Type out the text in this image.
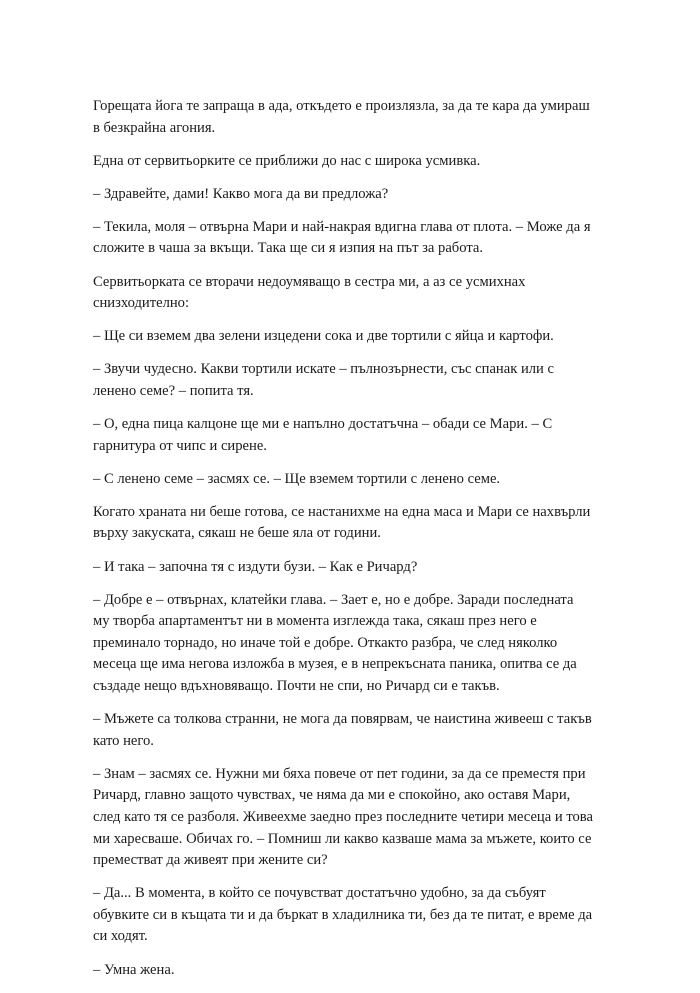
Горещата йога те запраща в ада, откъдето е произлязла, за да те кара да умираш в безкрайна агония.

Една от сервитьорките се приближи до нас с широка усмивка.

– Здравейте, дами! Какво мога да ви предложа?

– Текила, моля – отвърна Мари и най-накрая вдигна глава от плота. – Може да я сложите в чаша за вкъщи. Така ще си я изпия на път за работа.

Сервитьорката се вторачи недоумяващо в сестра ми, а аз се усмихнах снизходително:

– Ще си вземем два зелени изцедени сока и две тортили с яйца и картофи.

– Звучи чудесно. Какви тортили искате – пълнозърнести, със спанак или с ленено семе? – попита тя.

– О, една пица калцоне ще ми е напълно достатъчна – обади се Мари. – С гарнитура от чипс и сирене.

– С ленено семе – засмях се. – Ще вземем тортили с ленено семе.

Когато храната ни беше готова, се настанихме на една маса и Мари се нахвърли върху закуската, сякаш не беше яла от години.

– И така – започна тя с издути бузи. – Как е Ричард?

– Добре е – отвърнах, клатейки глава. – Зает е, но е добре. Заради последната му творба апартаментът ни в момента изглежда така, сякаш през него е преминало торнадо, но иначе той е добре. Откакто разбра, че след няколко месеца ще има негова изложба в музея, е в непрекъсната паника, опитва се да създаде нещо вдъхновяващо. Почти не спи, но Ричард си е такъв.

– Мъжете са толкова странни, не мога да повярвам, че наистина живееш с такъв като него.

– Знам – засмях се. Нужни ми бяха повече от пет години, за да се преместя при Ричард, главно защото чувствах, че няма да ми е спокойно, ако оставя Мари, след като тя се разболя. Живеехме заедно през последните четири месеца и това ми харесваше. Обичах го. – Помниш ли какво казваше мама за мъжете, които се преместват да живеят при жените си?

– Да... В момента, в който се почувстват достатъчно удобно, за да събуят обувките си в къщата ти и да бъркат в хладилника ти, без да те питат, е време да си ходят.

– Умна жена.
